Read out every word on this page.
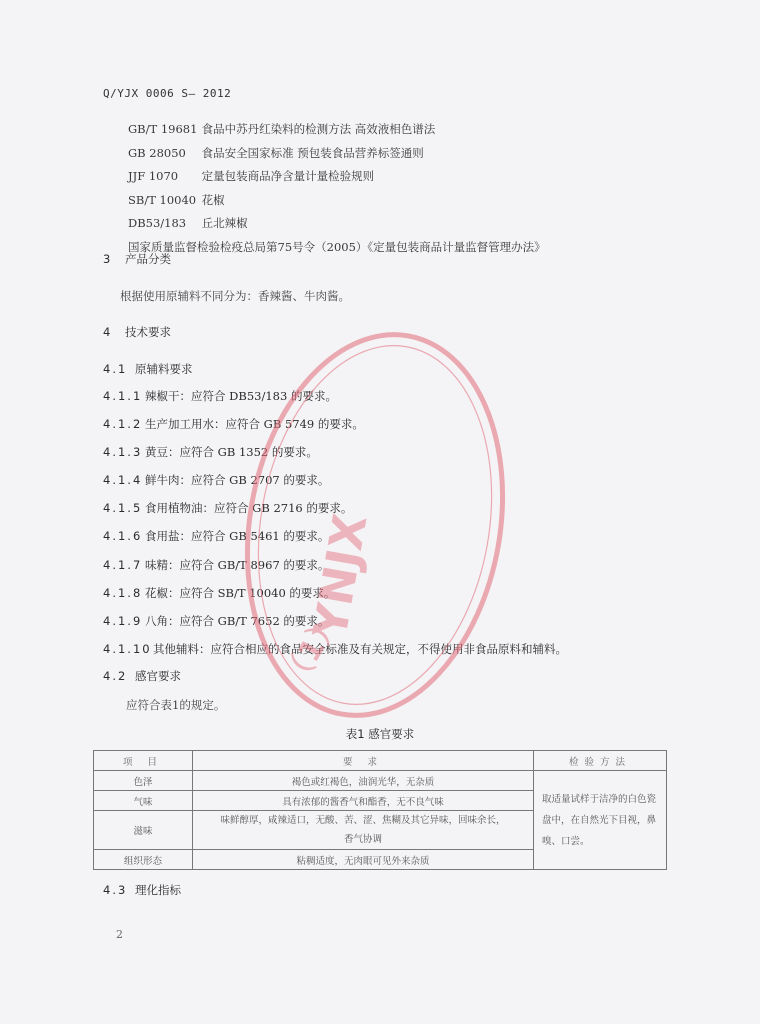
Q/YJX 0006 S— 2012
GB/T 19681 食品中苏丹红染料的检测方法 高效液相色谱法
GB 28050 食品安全国家标准 预包装食品营养标签通则
JJF 1070 定量包装商品净含量计量检验规则
SB/T 10040 花椒
DB53/183 丘北辣椒
国家质量监督检验检疫总局第75号令（2005）《定量包装商品计量监督管理办法》
3 产品分类
根据使用原辅料不同分为：香辣酱、牛肉酱。
4 技术要求
4.1 原辅料要求
4.1.1 辣椒干：应符合 DB53/183 的要求。
4.1.2 生产加工用水：应符合 GB 5749 的要求。
4.1.3 黄豆：应符合 GB 1352 的要求。
4.1.4 鲜牛肉：应符合 GB 2707 的要求。
4.1.5 食用植物油：应符合 GB 2716 的要求。
4.1.6 食用盐：应符合 GB 5461 的要求。
4.1.7 味精：应符合 GB/T 8967 的要求。
4.1.8 花椒：应符合 SB/T 10040 的要求。
4.1.9 八角：应符合 GB/T 7652 的要求。
4.1.10其他辅料：应符合相应的食品安全标准及有关规定，不得使用非食品原料和辅料。
4.2 感官要求
应符合表1的规定。
表1 感官要求
项 目	要 求	检验方法
色泽	褐色或红褐色，油润光华，无杂质	取适量试样于洁净的白色瓷盘中，在自然光下目视，鼻嗅、口尝。
气味	具有浓郁的酱香气和酯香，无不良气味	
滋味	味鲜醇厚，咸辣适口，无酸、苦、涩、焦糊及其它异味，回味余长，香气协调	
组织形态	粘稠适度，无肉眼可见外来杂质	
4.3 理化指标
2
YNJX
（1）
